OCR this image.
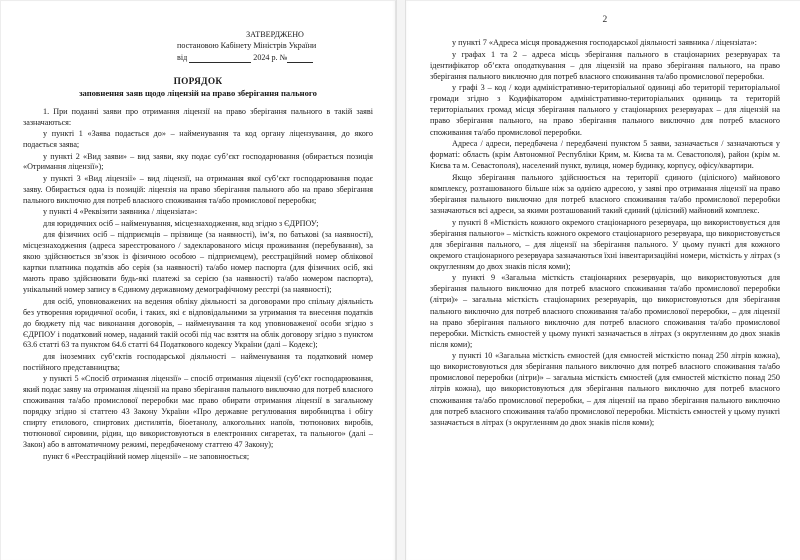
ЗАТВЕРДЖЕНО
постановою Кабінету Міністрів України
від	2024 р. №
ПОРЯДОК
заповнення заяв щодо ліцензій на право зберігання пального

1. При поданні заяви про отримання ліцензії на право зберігання пального в такій заяві зазначаються:

у пункті 1 «Заява подається до» – найменування та код органу ліцензування, до якого подається заява;

у пункті 2 «Вид заяви» – вид заяви, яку подає суб’єкт господарювання (обирається позиція «Отримання ліцензії»);

у пункті 3 «Вид ліцензії» – вид ліцензії, на отримання якої суб’єкт господарювання подає заяву. Обирається одна із позицій: ліцензія на право зберігання пального або на право зберігання пального виключно для потреб власного споживання та/або промислової переробки;

у пункті 4 «Реквізити заявника / ліцензіата»:

для юридичних осіб – найменування, місцезнаходження, код згідно з ЄДРПОУ;

для фізичних осіб – підприємців – прізвище (за наявності), ім’я, по батькові (за наявності), місцезнаходження (адреса зареєстрованого / задекларованого місця проживання (перебування), за якою здійснюється зв’язок із фізичною особою – підприємцем), реєстраційний номер облікової картки платника податків або серія (за наявності) та/або номер паспорта (для фізичних осіб, які мають право здійснювати будь-які платежі за серією (за наявності) та/або номером паспорта), унікальний номер запису в Єдиному державному демографічному реєстрі (за наявності);

для осіб, уповноважених на ведення обліку діяльності за договорами про спільну діяльність без утворення юридичної особи, і таких, які є відповідальними за утримання та внесення податків до бюджету під час виконання договорів, – найменування та код уповноваженої особи згідно з ЄДРПОУ і податковий номер, наданий такій особі під час взяття на облік договору згідно з пунктом 63.6 статті 63 та пунктом 64.6 статті 64 Податкового кодексу України (далі – Кодекс);

для іноземних суб’єктів господарської діяльності – найменування та податковий номер постійного представництва;

у пункті 5 «Спосіб отримання ліцензії» – спосіб отримання ліцензії (суб’єкт господарювання, який подає заяву на отримання ліцензії на право зберігання пального виключно для потреб власного споживання та/або промислової переробки має право обирати отримання ліцензії в загальному порядку згідно зі статтею 43 Закону України «Про державне регулювання виробництва і обігу спирту етилового, спиртових дистилятів, біоетанолу, алкогольних напоїв, тютюнових виробів, тютюнової сировини, рідин, що використовуються в електронних сигаретах, та пального» (далі – Закон) або в автоматичному режимі, передбаченому статтею 47 Закону);

пункт 6 «Реєстраційний номер ліцензії» – не заповнюється;

2

у пункті 7 «Адреса місця провадження господарської діяльності заявника / ліцензіата»:

у графах 1 та 2 – адреса місць зберігання пального в стаціонарних резервуарах та ідентифікатор об’єкта оподаткування – для ліцензій на право зберігання пального, на право зберігання пального виключно для потреб власного споживання та/або промислової переробки.

у графі 3 – код / коди адміністративно-територіальної одиниці або території територіальної громади згідно з Кодифікатором адміністративно-територіальних одиниць та територій територіальних громад місця зберігання пального у стаціонарних резервуарах – для ліцензій на право зберігання пального, на право зберігання пального виключно для потреб власного споживання та/або промислової переробки.

Адреса / адреси, передбачена / передбачені пунктом 5 заяви, зазначається / зазначаються у форматі: область (крім Автономної Республіки Крим, м. Києва та м. Севастополя), район (крім м. Києва та м. Севастополя), населений пункт, вулиця, номер будинку, корпусу, офісу/квартири.

Якщо зберігання пального здійснюється на території єдиного (цілісного) майнового комплексу, розташованого більше ніж за однією адресою, у заяві про отримання ліцензії на право зберігання пального виключно для потреб власного споживання та/або промислової переробки зазначаються всі адреси, за якими розташований такий єдиний (цілісний) майновий комплекс.

у пункті 8 «Місткість кожного окремого стаціонарного резервуара, що використовується для зберігання пального» – місткість кожного окремого стаціонарного резервуара, що використовується для зберігання пального, – для ліцензії на зберігання пального. У цьому пункті для кожного окремого стаціонарного резервуара зазначаються їхні інвентаризаційні номери, місткість у літрах (з округленням до двох знаків після коми);

у пункті 9 «Загальна місткість стаціонарних резервуарів, що використовуються для зберігання пального виключно для потреб власного споживання та/або промислової переробки (літри)» – загальна місткість стаціонарних резервуарів, що використовуються для зберігання пального виключно для потреб власного споживання та/або промислової переробки, – для ліцензії на право зберігання пального виключно для потреб власного споживання та/або промислової переробки. Місткість ємностей у цьому пункті зазначається в літрах (з округленням до двох знаків після коми);

у пункті 10 «Загальна місткість ємностей (для ємностей місткістю понад 250 літрів кожна), що використовуються для зберігання пального виключно для потреб власного споживання та/або промислової переробки (літри)» – загальна місткість ємностей (для ємностей місткістю понад 250 літрів кожна), що використовуються для зберігання пального виключно для потреб власного споживання та/або промислової переробки, – для ліцензії на право зберігання пального виключно для потреб власного споживання та/або промислової переробки. Місткість ємностей у цьому пункті зазначається в літрах (з округленням до двох знаків після коми);
